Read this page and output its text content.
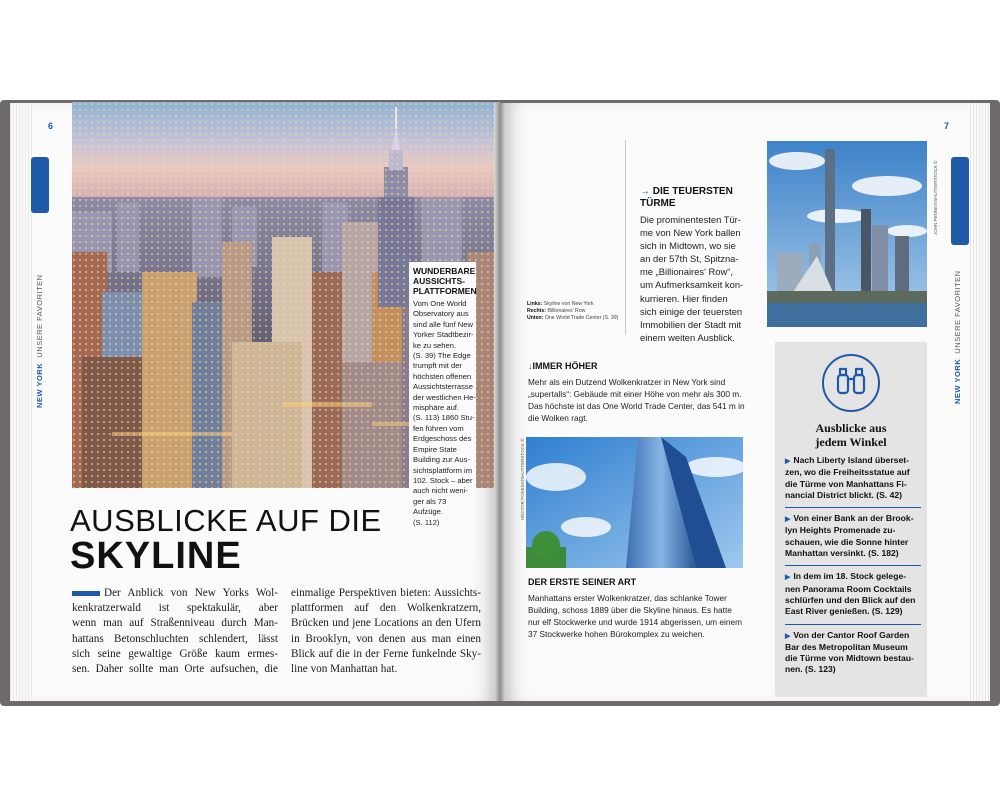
6
NEW YORK  UNSERE FAVORITEN
WUNDERBARE AUSSICHTS-PLATTFORMEN
Vom One World
Observatory aus
sind alle fünf New
Yorker Stadtbezir-
ke zu sehen.
(S. 39) The Edge
trumpft mit der
höchsten offenen
Aussichtsterrasse
der westlichen He-
misphäre auf.
(S. 113) 1860 Stu-
fen führen vom
Erdgeschoss des
Empire State
Building zur Aus-
sichtsplattform im
102. Stock – aber
auch nicht weni-
ger als 73 Aufzüge.
(S. 112)
AUSBLICKE AUF DIE
SKYLINE
Der Anblick von New Yorks Wol-
kenkratzerwald ist spektakulär, aber
wenn man auf Straßenniveau durch Man-
hattans Betonschluchten schlendert, lässt
sich seine gewaltige Größe kaum ermes-
sen. Daher sollte man Orte aufsuchen, die
einmalige Perspektiven bieten: Aussichts-
plattformen auf den Wolkenkratzern,
Brücken und jene Locations an den Ufern
in Brooklyn, von denen aus man einen
Blick auf die in der Ferne funkelnde Sky-
line von Manhattan hat.
7
NEW YORK  UNSERE FAVORITEN
Links: Skyline von New York
Rechts: Billionaires' Row
Unten: One World Trade Center (S. 39)
→ DIE TEUERSTEN
TÜRME
Die prominentesten Tür-
me von New York ballen
sich in Midtown, wo sie
an der 57th St, Spitzna-
me „Billionaires' Row“,
um Aufmerksamkeit kon-
kurrieren. Hier finden
sich einige der teuersten
Immobilien der Stadt mit
einem weiten Ausblick.
JOHN PENNEY/SHUTTERSTOCK ©
↓IMMER HÖHER
Mehr als ein Dutzend Wolkenkratzer in New York sind
„supertalls“: Gebäude mit einer Höhe von mehr als 300 m.
Das höchste ist das One World Trade Center, das 541 m in
die Wolken ragt.
HÉCTOR POVEDA/SHUTTERSTOCK ©
DER ERSTE SEINER ART
Manhattans erster Wolkenkratzer, das schlanke Tower
Building, schoss 1889 über die Skyline hinaus. Es hatte
nur elf Stockwerke und wurde 1914 abgerissen, um einem
37 Stockwerke hohen Bürokomplex zu weichen.
Ausblicke aus
jedem Winkel
▶ Nach Liberty Island überset-
zen, wo die Freiheitsstatue auf
die Türme von Manhattans Fi-
nancial District blickt. (S. 42)
▶ Von einer Bank an der Brook-
lyn Heights Promenade zu-
schauen, wie die Sonne hinter
Manhattan versinkt. (S. 182)
▶ In dem im 18. Stock gelege-
nen Panorama Room Cocktails
schlürfen und den Blick auf den
East River genießen. (S. 129)
▶ Von der Cantor Roof Garden
Bar des Metropolitan Museum
die Türme von Midtown bestau-
nen. (S. 123)
